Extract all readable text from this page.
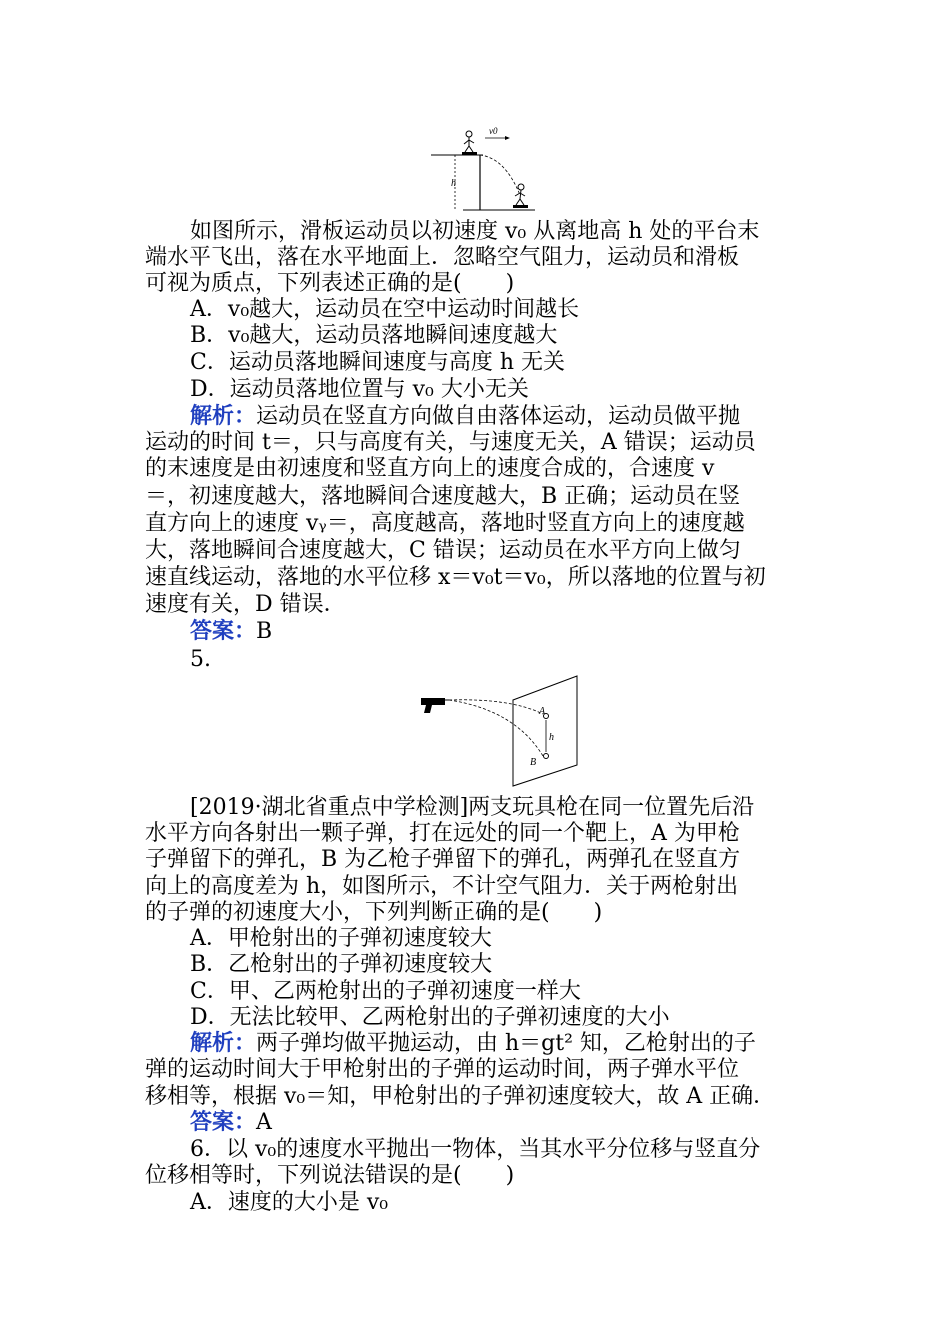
h
v0
如图所示，滑板运动员以初速度 v₀ 从离地高 h 处的平台末
端水平飞出，落在水平地面上．忽略空气阻力，运动员和滑板
可视为质点，下列表述正确的是(　　)
A．v₀越大，运动员在空中运动时间越长
B．v₀越大，运动员落地瞬间速度越大
C．运动员落地瞬间速度与高度 h 无关
D．运动员落地位置与 v₀ 大小无关
解析：运动员在竖直方向做自由落体运动，运动员做平抛
运动的时间 t＝，只与高度有关，与速度无关，A 错误；运动员
的末速度是由初速度和竖直方向上的速度合成的，合速度 v
＝，初速度越大，落地瞬间合速度越大，B 正确；运动员在竖
直方向上的速度 vᵧ＝，高度越高，落地时竖直方向上的速度越
大，落地瞬间合速度越大，C 错误；运动员在水平方向上做匀
速直线运动，落地的水平位移 x＝v₀t＝v₀，所以落地的位置与初
速度有关，D 错误．
答案：B
5.
A
B
h
[2019·湖北省重点中学检测]两支玩具枪在同一位置先后沿
水平方向各射出一颗子弹，打在远处的同一个靶上，A 为甲枪
子弹留下的弹孔，B 为乙枪子弹留下的弹孔，两弹孔在竖直方
向上的高度差为 h，如图所示，不计空气阻力．关于两枪射出
的子弹的初速度大小，下列判断正确的是(　　)
A．甲枪射出的子弹初速度较大
B．乙枪射出的子弹初速度较大
C．甲、乙两枪射出的子弹初速度一样大
D．无法比较甲、乙两枪射出的子弹初速度的大小
解析：两子弹均做平抛运动，由 h＝gt² 知，乙枪射出的子
弹的运动时间大于甲枪射出的子弹的运动时间，两子弹水平位
移相等，根据 v₀＝知，甲枪射出的子弹初速度较大，故 A 正确．
答案：A
6．以 v₀的速度水平抛出一物体，当其水平分位移与竖直分
位移相等时，下列说法错误的是(　　)
A．速度的大小是 v₀
